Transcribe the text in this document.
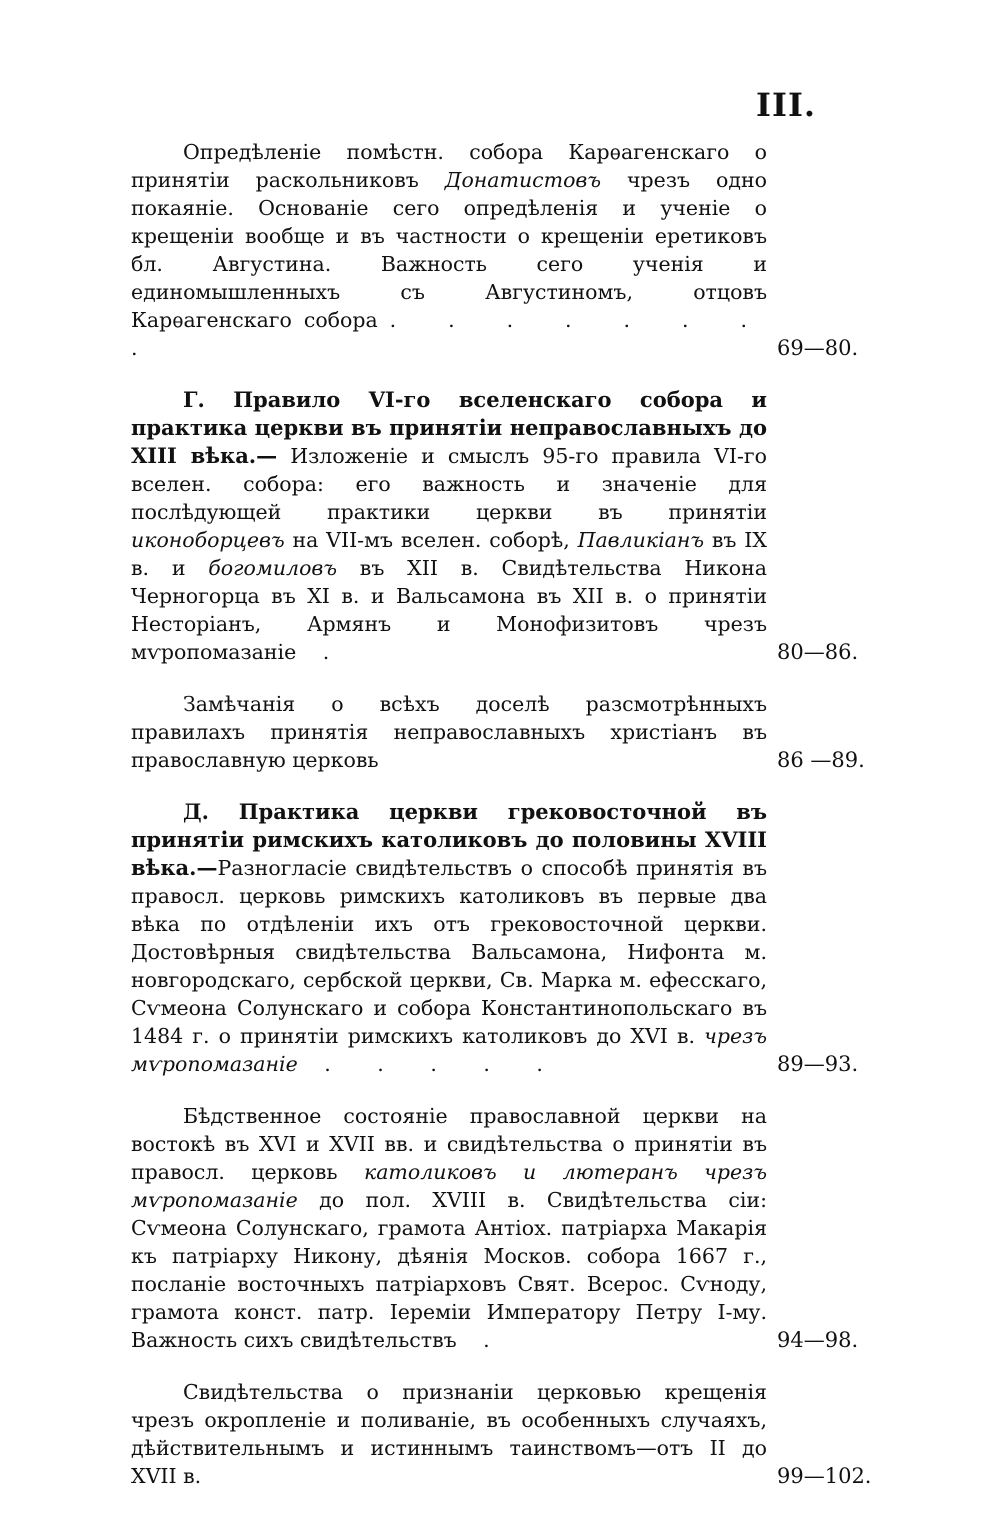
III.
Опредѣленіе помѣстн. собора Карѳагенскаго о принятіи раскольниковъ Донатистовъ чрезъ одно покаяніе. Основаніе сего опредѣленія и ученіе о крещеніи вообще и въ частности о крещеніи еретиковъ бл. Августина. Важность сего ученія и единомышленныхъ съ Августиномъ, отцовъ Карѳагенскаго собора . . . . . . . .	69—80.
Г. Правило VI-го вселенскаго собора и практика церкви въ принятіи неправославныхъ до XIII вѣка.— Изложеніе и смыслъ 95-го правила VI-го вселен. собора: его важность и значеніе для послѣдующей практики церкви въ принятіи иконоборцевъ на VII-мъ вселен. соборѣ, Павликіанъ въ IX в. и богомиловъ въ XII в. Свидѣтельства Никона Черногорца въ XI в. и Вальсамона въ XII в. о принятіи Несторіанъ, Армянъ и Монофизитовъ чрезъ мѵропомазаніе .	80—86.
Замѣчанія о всѣхъ доселѣ разсмотрѣнныхъ правилахъ принятія неправославныхъ христіанъ въ православную церковь	86 —89.
Д. Практика церкви грековосточной въ принятіи римскихъ католиковъ до половины XVIII вѣка.—Разногласіе свидѣтельствъ о способѣ принятія въ правосл. церковь римскихъ католиковъ въ первые два вѣка по отдѣленіи ихъ отъ грековосточной церкви. Достовѣрныя свидѣтельства Вальсамона, Нифонта м. новгородскаго, сербской церкви, Св. Марка м. ефесскаго, Сѵмеона Солунскаго и собора Константинопольскаго въ 1484 г. о принятіи римскихъ католиковъ до XVI в. чрезъ мѵропомазаніе . . . . .	89—93.
Бѣдственное состояніе православной церкви на востокѣ въ XVI и XVII вв. и свидѣтельства о принятіи въ правосл. церковь католиковъ и лютеранъ чрезъ мѵропомазаніе до пол. XVIII в. Свидѣтельства сіи: Сѵмеона Солунскаго, грамота Антіох. патріарха Макарія къ патріарху Никону, дѣянія Москов. собора 1667 г., посланіе восточныхъ патріарховъ Свят. Всерос. Сѵноду, грамота конст. патр. Іереміи Императору Петру І-му. Важность сихъ свидѣтельствъ .	94—98.
Свидѣтельства о признаніи церковью крещенія чрезъ окропленіе и поливаніе, въ особенныхъ случаяхъ, дѣйствительнымъ и истиннымъ таинствомъ—отъ II до XVII в.	99—102.
